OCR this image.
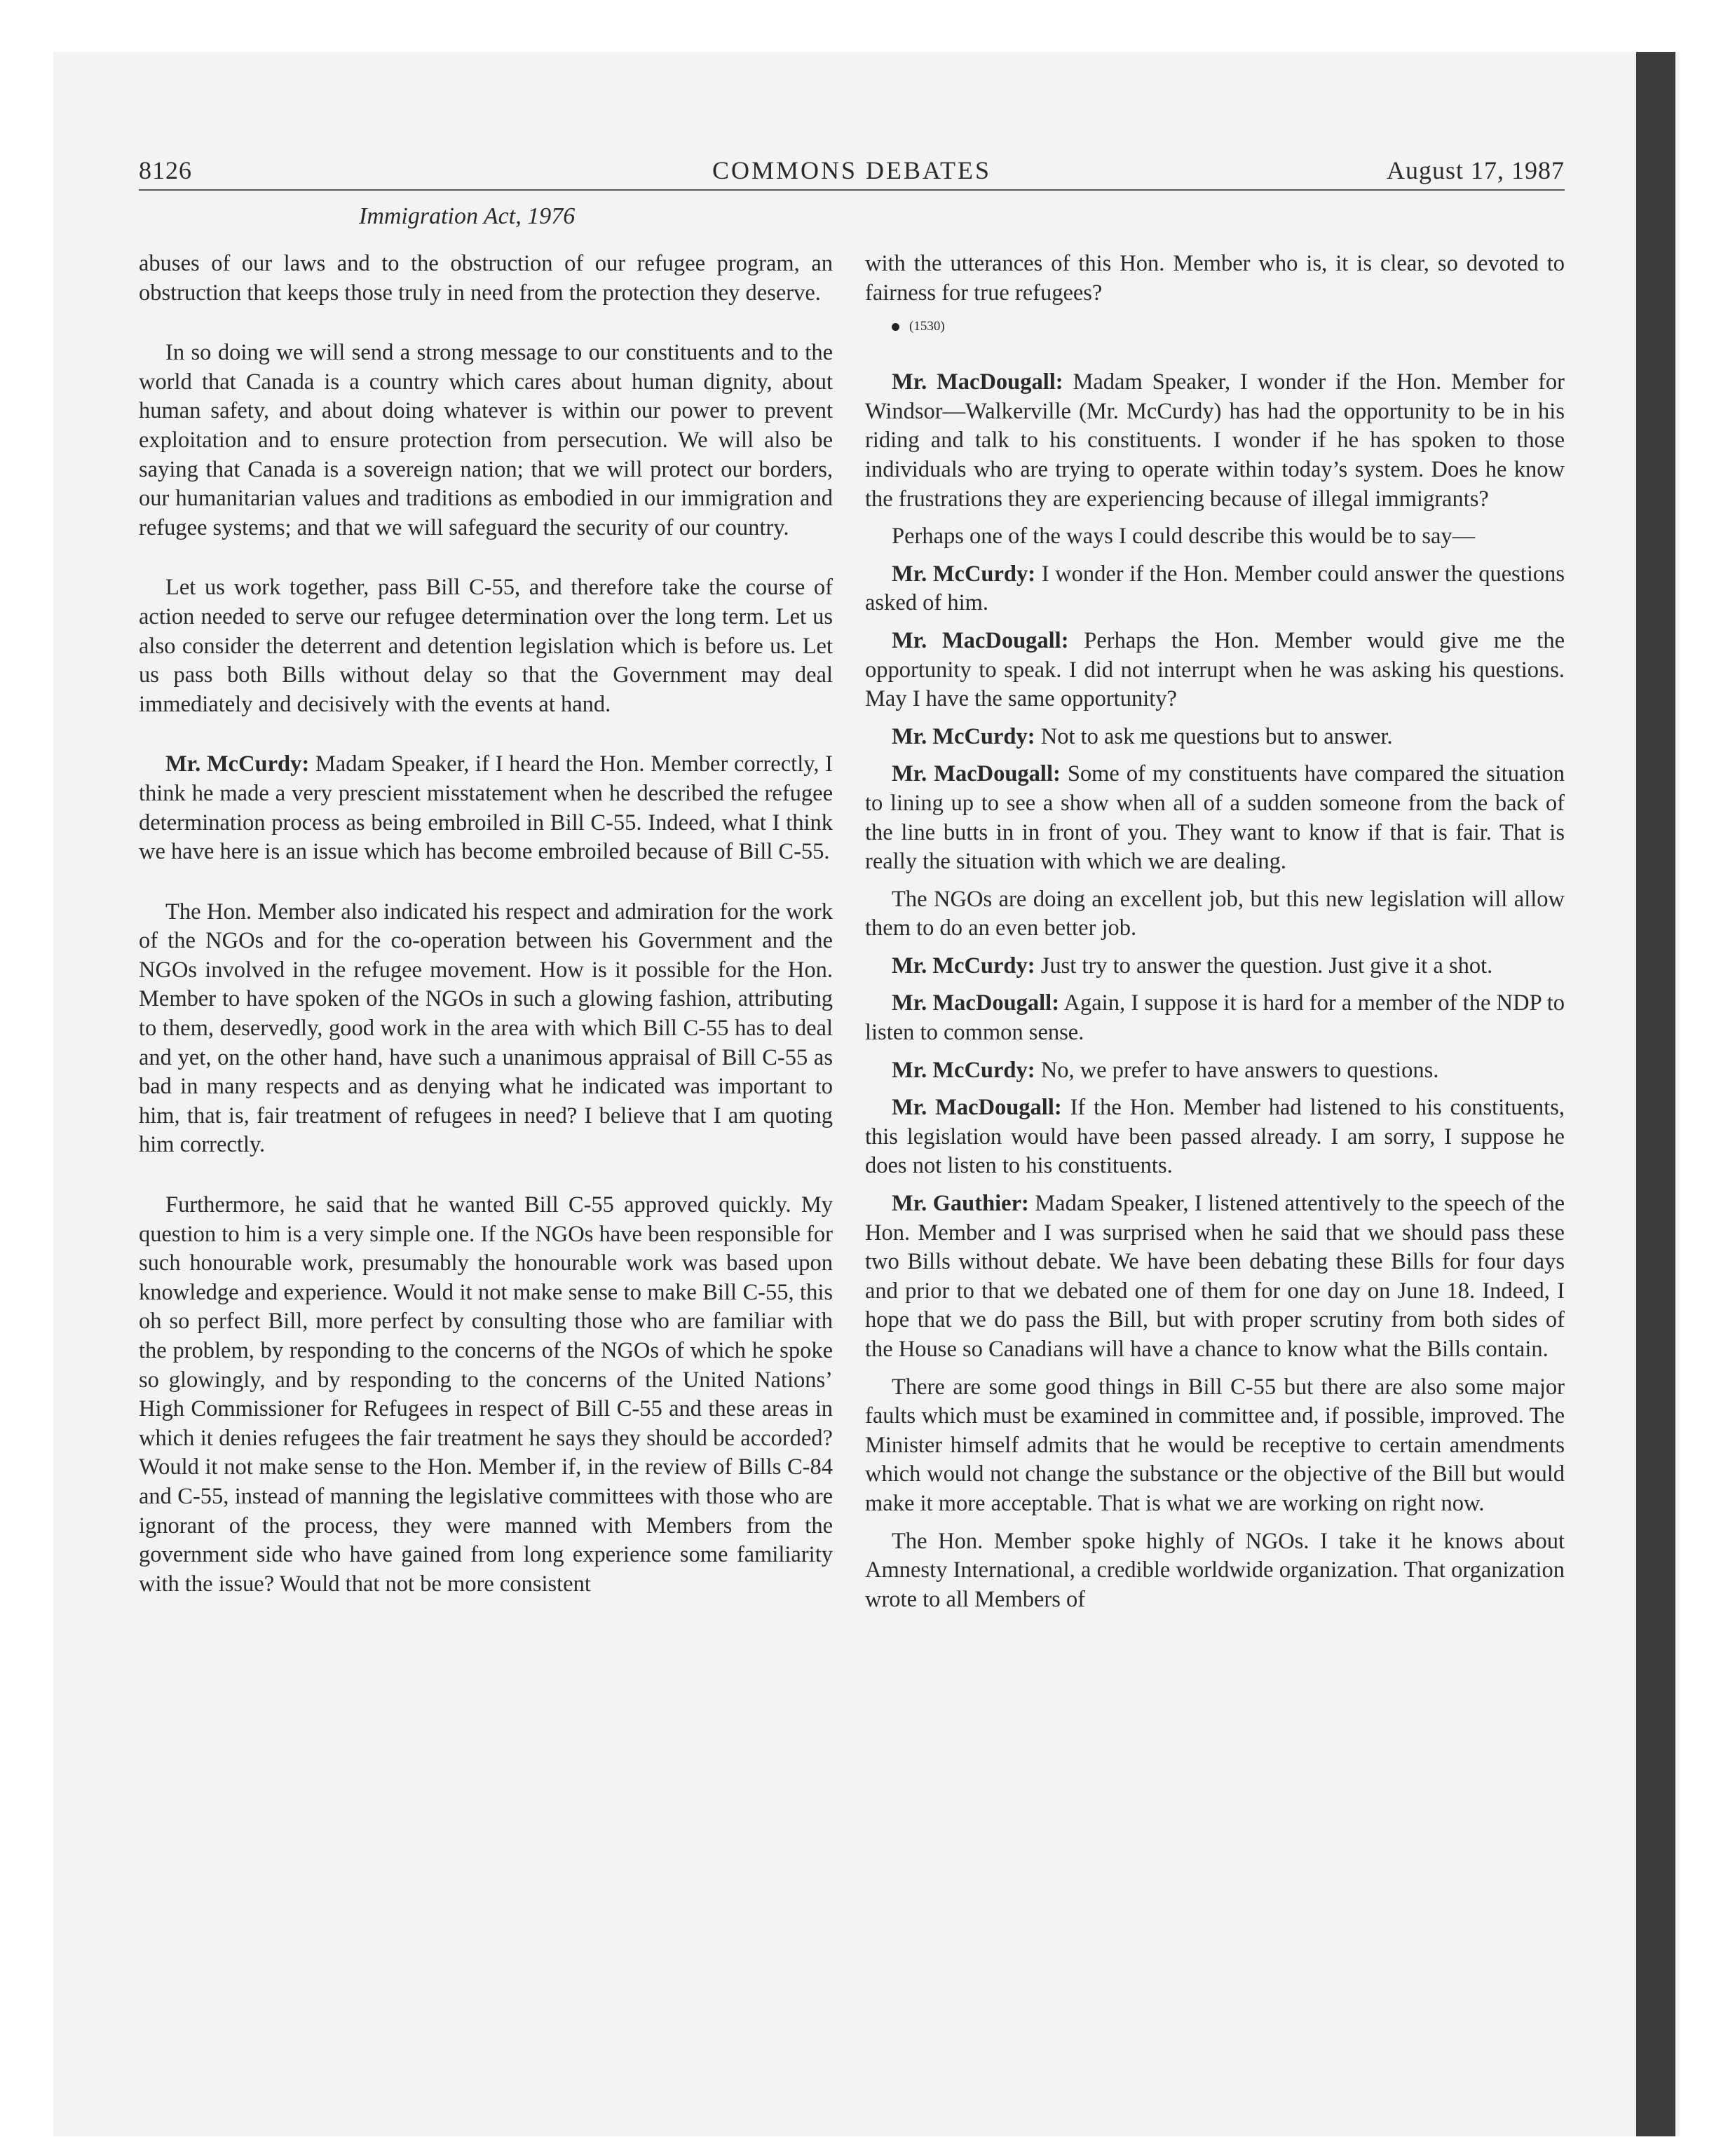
8126	COMMONS DEBATES	August 17, 1987
Immigration Act, 1976

abuses of our laws and to the obstruction of our refugee program, an obstruction that keeps those truly in need from the protection they deserve.

In so doing we will send a strong message to our constituents and to the world that Canada is a country which cares about human dignity, about human safety, and about doing whatever is within our power to prevent exploitation and to ensure protection from persecution. We will also be saying that Canada is a sovereign nation; that we will protect our borders, our humanitarian values and traditions as embodied in our immigration and refugee systems; and that we will safeguard the security of our country.

Let us work together, pass Bill C-55, and therefore take the course of action needed to serve our refugee determination over the long term. Let us also consider the deterrent and detention legislation which is before us. Let us pass both Bills without delay so that the Government may deal immediately and decisively with the events at hand.

Mr. McCurdy: Madam Speaker, if I heard the Hon. Member correctly, I think he made a very prescient misstatement when he described the refugee determination process as being embroiled in Bill C-55. Indeed, what I think we have here is an issue which has become embroiled because of Bill C-55.

The Hon. Member also indicated his respect and admiration for the work of the NGOs and for the co-operation between his Government and the NGOs involved in the refugee movement. How is it possible for the Hon. Member to have spoken of the NGOs in such a glowing fashion, attributing to them, deservedly, good work in the area with which Bill C-55 has to deal and yet, on the other hand, have such a unanimous appraisal of Bill C-55 as bad in many respects and as denying what he indicated was important to him, that is, fair treatment of refugees in need? I believe that I am quoting him correctly.

Furthermore, he said that he wanted Bill C-55 approved quickly. My question to him is a very simple one. If the NGOs have been responsible for such honourable work, presumably the honourable work was based upon knowledge and experience. Would it not make sense to make Bill C-55, this oh so perfect Bill, more perfect by consulting those who are familiar with the problem, by responding to the concerns of the NGOs of which he spoke so glowingly, and by responding to the concerns of the United Nations’ High Commissioner for Refugees in respect of Bill C-55 and these areas in which it denies refugees the fair treatment he says they should be accorded? Would it not make sense to the Hon. Member if, in the review of Bills C-84 and C-55, instead of manning the legislative committees with those who are ignorant of the process, they were manned with Members from the government side who have gained from long experience some familiarity with the issue? Would that not be more consistent

with the utterances of this Hon. Member who is, it is clear, so devoted to fairness for true refugees?

(1530)

Mr. MacDougall: Madam Speaker, I wonder if the Hon. Member for Windsor—Walkerville (Mr. McCurdy) has had the opportunity to be in his riding and talk to his constituents. I wonder if he has spoken to those individuals who are trying to operate within today’s system. Does he know the frustrations they are experiencing because of illegal immigrants?

Perhaps one of the ways I could describe this would be to say—

Mr. McCurdy: I wonder if the Hon. Member could answer the questions asked of him.

Mr. MacDougall: Perhaps the Hon. Member would give me the opportunity to speak. I did not interrupt when he was asking his questions. May I have the same opportunity?

Mr. McCurdy: Not to ask me questions but to answer.

Mr. MacDougall: Some of my constituents have compared the situation to lining up to see a show when all of a sudden someone from the back of the line butts in in front of you. They want to know if that is fair. That is really the situation with which we are dealing.

The NGOs are doing an excellent job, but this new legislation will allow them to do an even better job.

Mr. McCurdy: Just try to answer the question. Just give it a shot.

Mr. MacDougall: Again, I suppose it is hard for a member of the NDP to listen to common sense.

Mr. McCurdy: No, we prefer to have answers to questions.

Mr. MacDougall: If the Hon. Member had listened to his constituents, this legislation would have been passed already. I am sorry, I suppose he does not listen to his constituents.

Mr. Gauthier: Madam Speaker, I listened attentively to the speech of the Hon. Member and I was surprised when he said that we should pass these two Bills without debate. We have been debating these Bills for four days and prior to that we debated one of them for one day on June 18. Indeed, I hope that we do pass the Bill, but with proper scrutiny from both sides of the House so Canadians will have a chance to know what the Bills contain.

There are some good things in Bill C-55 but there are also some major faults which must be examined in committee and, if possible, improved. The Minister himself admits that he would be receptive to certain amendments which would not change the substance or the objective of the Bill but would make it more acceptable. That is what we are working on right now.

The Hon. Member spoke highly of NGOs. I take it he knows about Amnesty International, a credible worldwide organization. That organization wrote to all Members of
